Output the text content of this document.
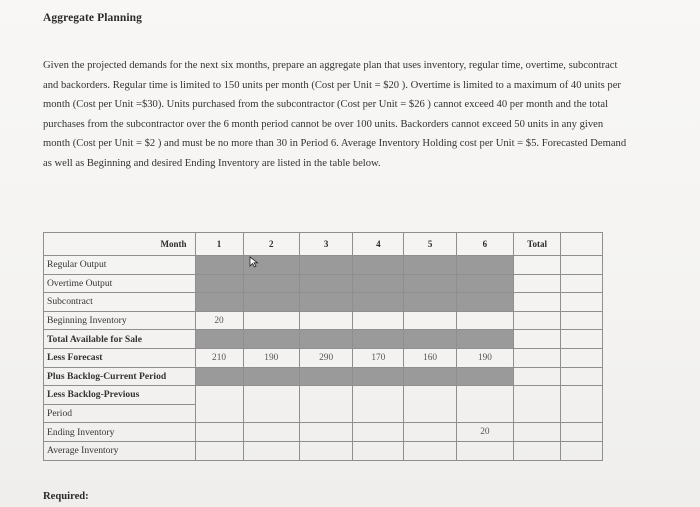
Aggregate Planning
Given the projected demands for the next six months, prepare an aggregate plan that uses inventory, regular time, overtime, subcontract and backorders. Regular time is limited to 150 units per month (Cost per Unit = $20 ). Overtime is limited to a maximum of 40 units per month (Cost per Unit =$30). Units purchased from the subcontractor (Cost per Unit = $26 ) cannot exceed 40 per month and the total purchases from the subcontractor over the 6 month period cannot be over 100 units. Backorders cannot exceed 50 units in any given month (Cost per Unit = $2 ) and must be no more than 30 in Period 6. Average Inventory Holding cost per Unit = $5. Forecasted Demand as well as Beginning and desired Ending Inventory are listed in the table below.
Month	1	2	3	4	5	6	Total	
Regular Output								
Overtime Output								
Subcontract								
Beginning Inventory	20							
Total Available for Sale								
Less Forecast	210	190	290	170	160	190		
Plus Backlog-Current Period								
Less Backlog-Previous								
Period								
Ending Inventory						20		
Average Inventory								
Required:
